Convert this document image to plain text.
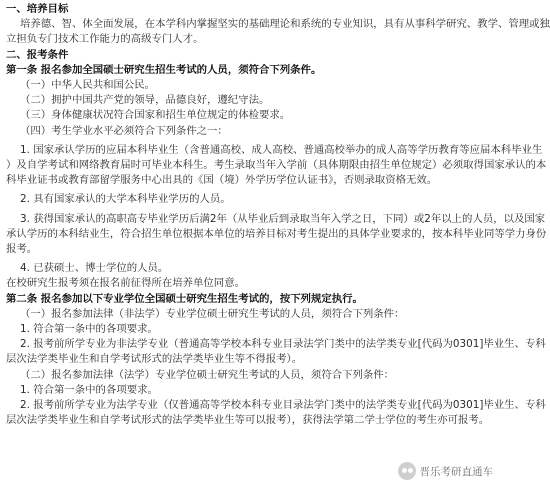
一、培养目标
培养德、智、体全面发展，在本学科内掌握坚实的基础理论和系统的专业知识，具有从事科学研究、教学、管理或独
立担负专门技术工作能力的高级专门人才。
二、报考条件
第一条 报名参加全国硕士研究生招生考试的人员，须符合下列条件。
（一）中华人民共和国公民。
（二）拥护中国共产党的领导，品德良好，遵纪守法。
（三）身体健康状况符合国家和招生单位规定的体检要求。
（四）考生学业水平必须符合下列条件之一：
1. 国家承认学历的应届本科毕业生（含普通高校、成人高校、普通高校举办的成人高等学历教育等应届本科毕业生
）及自学考试和网络教育届时可毕业本科生。考生录取当年入学前（具体期限由招生单位规定）必须取得国家承认的本
科毕业证书或教育部留学服务中心出具的《国（境）外学历学位认证书》，否则录取资格无效。
2. 具有国家承认的大学本科毕业学历的人员。
3. 获得国家承认的高职高专毕业学历后满2年（从毕业后到录取当年入学之日，下同）或2年以上的人员，以及国家
承认学历的本科结业生，符合招生单位根据本单位的培养目标对考生提出的具体学业要求的，按本科毕业同等学力身份
报考。
4. 已获硕士、博士学位的人员。
在校研究生报考须在报名前征得所在培养单位同意。
第二条 报名参加以下专业学位全国硕士研究生招生考试的，按下列规定执行。
（一）报名参加法律（非法学）专业学位硕士研究生考试的人员，须符合下列条件：
1. 符合第一条中的各项要求。
2. 报考前所学专业为非法学专业（普通高等学校本科专业目录法学门类中的法学类专业[代码为0301]毕业生、专科
层次法学类毕业生和自学考试形式的法学类毕业生等不得报考）。
（二）报名参加法律（法学）专业学位硕士研究生考试的人员，须符合下列条件：
1. 符合第一条中的各项要求。
2. 报考前所学专业为法学专业（仅普通高等学校本科专业目录法学门类中的法学类专业[代码为0301]毕业生、专科
层次法学类毕业生和自学考试形式的法学类毕业生等可以报考），获得法学第二学士学位的考生亦可报考。
晋乐考研直通车
